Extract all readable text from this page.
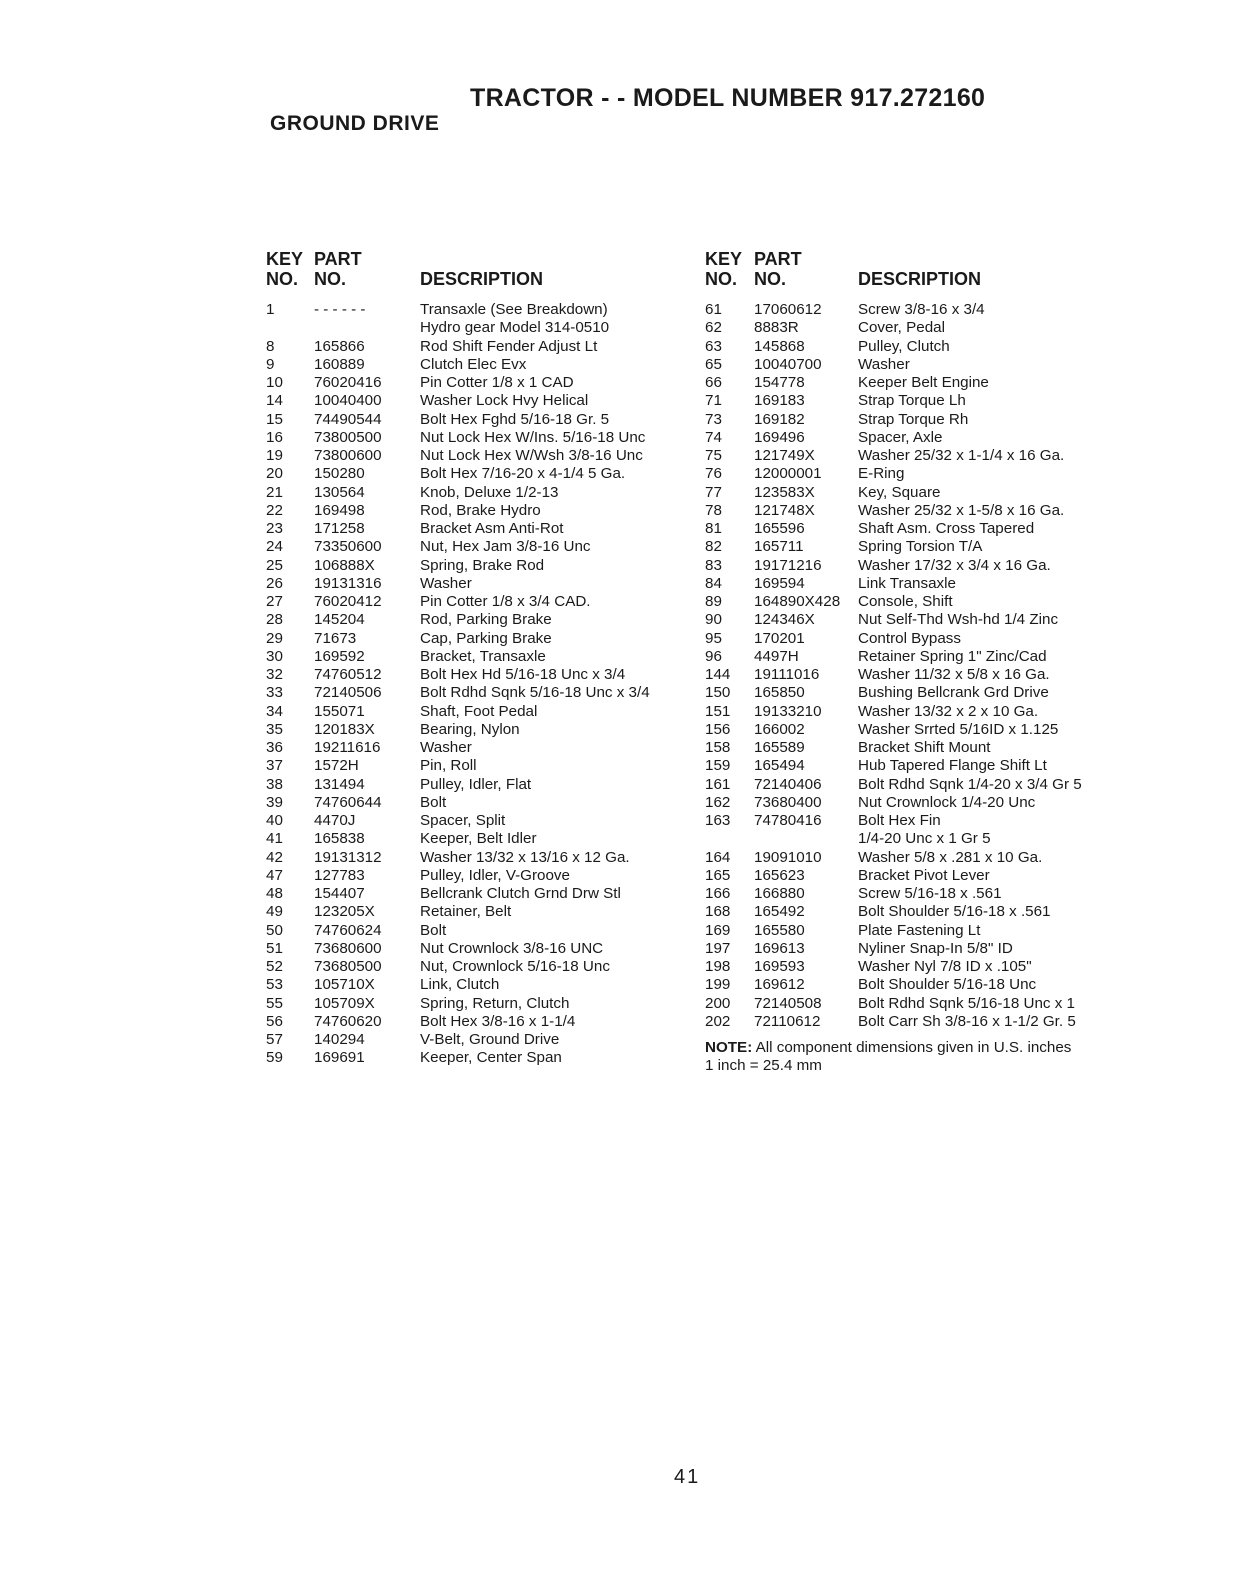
TRACTOR - - MODEL NUMBER 917.272160
GROUND DRIVE
KEY
NO.
PART
NO.	DESCRIPTION
1	- - - - - -	Transaxle (See Breakdown)
Hydro gear Model 314-0510
8	165866	Rod Shift Fender Adjust Lt
9	160889	Clutch Elec Evx
10 76020416	Pin Cotter 1/8 x 1 CAD
14 10040400	Washer Lock Hvy Helical
15 74490544	Bolt Hex Fghd 5/16-18 Gr. 5
16 73800500	Nut Lock Hex W/Ins. 5/16-18 Unc
19 73800600	Nut Lock Hex W/Wsh 3/8-16 Unc
20 150280	Bolt Hex 7/16-20 x 4-1/4 5 Ga.
21 130564	Knob, Deluxe 1/2-13
22 169498	Rod, Brake Hydro
23 171258	Bracket Asm Anti-Rot
24 73350600	Nut, Hex Jam 3/8-16 Unc
25 106888X	Spring, Brake Rod
26 19131316	Washer
27 76020412	Pin Cotter 1/8 x 3/4 CAD.
28 145204	Rod, Parking Brake
29 71673	Cap, Parking Brake
30 169592	Bracket, Transaxle
32 74760512	Bolt Hex Hd 5/16-18 Unc x 3/4
33 72140506	Bolt Rdhd Sqnk 5/16-18 Unc x 3/4
34 155071	Shaft, Foot Pedal
35 120183X	Bearing, Nylon
36 19211616	Washer
37 1572H	Pin, Roll
38 131494	Pulley, Idler, Flat
39 74760644	Bolt
40 4470J	Spacer, Split
41 165838	Keeper, Belt Idler
42 19131312	Washer 13/32 x 13/16 x 12 Ga.
47 127783	Pulley, Idler, V-Groove
48 154407	Bellcrank Clutch Grnd Drw Stl
49 123205X	Retainer, Belt
50 74760624	Bolt
51 73680600	Nut Crownlock 3/8-16 UNC
52 73680500	Nut, Crownlock 5/16-18 Unc
53 105710X	Link, Clutch
55 105709X	Spring, Return, Clutch
56 74760620	Bolt Hex 3/8-16 x 1-1/4
57 140294	V-Belt, Ground Drive
59 169691	Keeper, Center Span
KEY
NO.
PART
NO.	DESCRIPTION
61 17060612 Screw 3/8-16 x 3/4
62 8883R	Cover, Pedal
63 145868	Pulley, Clutch
65 10040700 Washer
66 154778	Keeper Belt Engine
71 169183	Strap Torque Lh
73 169182	Strap Torque Rh
74 169496	Spacer, Axle
75 121749X	Washer 25/32 x 1-1/4 x 16 Ga.
76 12000001 E-Ring
77 123583X	Key, Square
78 121748X	Washer 25/32 x 1-5/8 x 16 Ga.
81 165596	Shaft Asm. Cross Tapered
82 165711	Spring Torsion T/A
83 19171216 Washer 17/32 x 3/4 x 16 Ga.
84 169594	Link Transaxle
89 164890X428 Console, Shift
90 124346X	Nut Self-Thd Wsh-hd 1/4 Zinc
95 170201	Control Bypass
96 4497H	Retainer Spring 1" Zinc/Cad
144 19111016	Washer 11/32 x 5/8 x 16 Ga.
150 165850	Bushing Bellcrank Grd Drive
151 19133210 Washer 13/32 x 2 x 10 Ga.
156 166002	Washer Srrted 5/16ID x 1.125
158 165589	Bracket Shift Mount
159 165494	Hub Tapered Flange Shift Lt
161 72140406 Bolt Rdhd Sqnk 1/4-20 x 3/4 Gr 5
162 73680400 Nut Crownlock 1/4-20 Unc
163 74780416 Bolt Hex Fin
1/4-20 Unc x 1 Gr 5
164 19091010 Washer 5/8 x .281 x 10 Ga.
165 165623	Bracket Pivot Lever
166 166880	Screw 5/16-18 x .561
168 165492	Bolt Shoulder 5/16-18 x .561
169 165580	Plate Fastening Lt
197 169613	Nyliner Snap-In 5/8" ID
198 169593	Washer Nyl 7/8 ID x .105"
199 169612	Bolt Shoulder 5/16-18 Unc
200 72140508 Bolt Rdhd Sqnk 5/16-18 Unc x 1
202 72110612 Bolt Carr Sh 3/8-16 x 1-1/2 Gr. 5
NOTE: All component dimensions given in U.S. inches
1 inch = 25.4 mm
41
